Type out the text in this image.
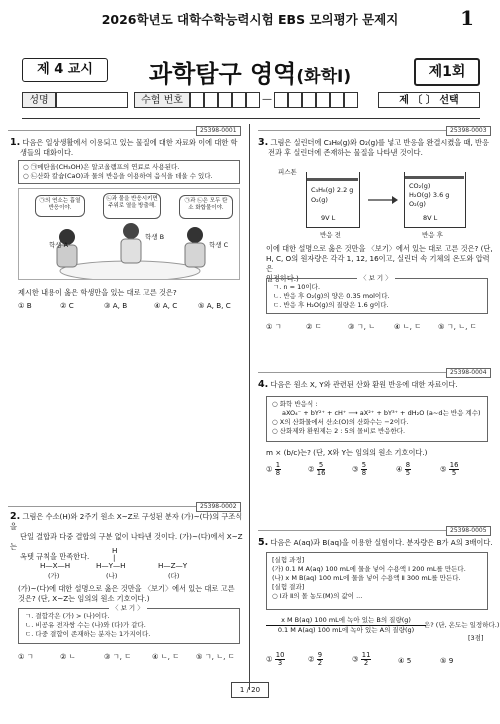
2026학년도 대학수학능력시험 EBS 모의평가 문제지	1
제 4 교시	과학탐구 영역(화학Ⅰ)	제1회
성명	수험 번호	—	제 〔 〕 선택
25398-0001
1. 다음은 일상생활에서 이용되고 있는 물질에 대한 자료와 이에 대한 학
생들의 대화이다.
○ ㉠메탄올(CH₃OH)은 알코올램프의 연료로 사용된다.
○ ㉡산화 칼슘(CaO)과 물의 반응을 이용하여 음식을 데울 수 있다.
㉠의 연소는 흡열 반응이야.
㉡과 물을 반응시키면 주위로 열을 방출해.
㉠과 ㉡은 모두 탄소 화합물이야.
학생 A
학생 B
학생 C
제시한 내용이 옳은 학생만을 있는 대로 고른 것은?
① B	② C	③ A, B	④ A, C	⑤ A, B, C
25398-0002
2. 그림은 수소(H)와 2주기 원소 X~Z로 구성된 분자 (가)~(다)의 구조식을
단일 결합과 다중 결합의 구분 없이 나타낸 것이다. (가)~(다)에서 X~Z는
옥텟 규칙을 만족한다.
H
|
H—X—H	H—Y—H	H—Z—Y
(가)	(나)	(다)
(가)~(다)에 대한 설명으로 옳은 것만을 〈보기〉에서 있는 대로 고른
것은? (단, X~Z는 임의의 원소 기호이다.)
〈 보 기 〉
ㄱ. 결합각은 (가) > (나)이다.
ㄴ. 비공유 전자쌍 수는 (나)와 (다)가 같다.
ㄷ. 다중 결합이 존재하는 분자는 1가지이다.
① ㄱ	② ㄴ	③ ㄱ, ㄷ	④ ㄴ, ㄷ ⑤ ㄱ, ㄴ, ㄷ
25398-0003
3. 그림은 실린더에 C₃H₈(g)와 O₂(g)를 넣고 반응을 완결시켰을 때, 반응
전과 후 실린더에 존재하는 물질을 나타낸 것이다.
피스톤
C₃H₈(g) 2.2 g
O₂(g)
9V L
반응 전
CO₂(g)
H₂O(g) 3.6 g
O₂(g)
8V L
반응 후
이에 대한 설명으로 옳은 것만을 〈보기〉에서 있는 대로 고른 것은? (단,
H, C, O의 원자량은 각각 1, 12, 16이고, 실린더 속 기체의 온도와 압력은
일정하다.)	〈 보 기 〉
ㄱ. n = 10이다.
ㄴ. 반응 후 O₂(g)의 양은 0.35 mol이다.
ㄷ. 반응 후 H₂O(g)의 질량은 1.6 g이다.
① ㄱ	② ㄷ	③ ㄱ, ㄴ	④ ㄴ, ㄷ ⑤ ㄱ, ㄴ, ㄷ
25398-0004
4. 다음은 원소 X, Y와 관련된 산화 환원 반응에 대한 자료이다.
○ 화학 반응식 :
aXO₄⁻ + bY²⁺ + cH⁺ ⟶ aX²⁺ + bY³⁺ + dH₂O (a~d는 반응 계수)
○ X의 산화물에서 산소(O)의 산화수는 −2이다.
○ 산화제와 환원제는 2 : 5의 몰비로 반응한다.
m × (b/c)는? (단, X와 Y는 임의의 원소 기호이다.)
① $\frac{1}{8}$	② $\frac{5}{16}$	③ $\frac{5}{8}$	④ $\frac{8}{5}$	⑤ $\frac{16}{5}$
25398-0005
5. 다음은 A(aq)과 B(aq)을 이용한 실험이다. 분자량은 B가 A의 3배이다.
[실험 과정]
(가) 0.1 M A(aq) 100 mL에 물을 넣어 수용액 Ⅰ 200 mL를 만든다.
(나) x M B(aq) 100 mL에 물을 넣어 수용액 Ⅱ 300 mL를 만든다.
[실험 결과]
○ Ⅰ과 Ⅱ의 몰 농도(M)의 값이 ...
x M B(aq) 100 mL에 녹아 있는 B의 질량(g)
0.1 M A(aq) 100 mL에 녹아 있는 A의 질량(g)
은? (단, 온도는 일정하다.)
[3점]
① $\frac{10}{3}$	② $\frac{9}{2}$	③ $\frac{11}{2}$	④ 5	⑤ 9
1 / 20
